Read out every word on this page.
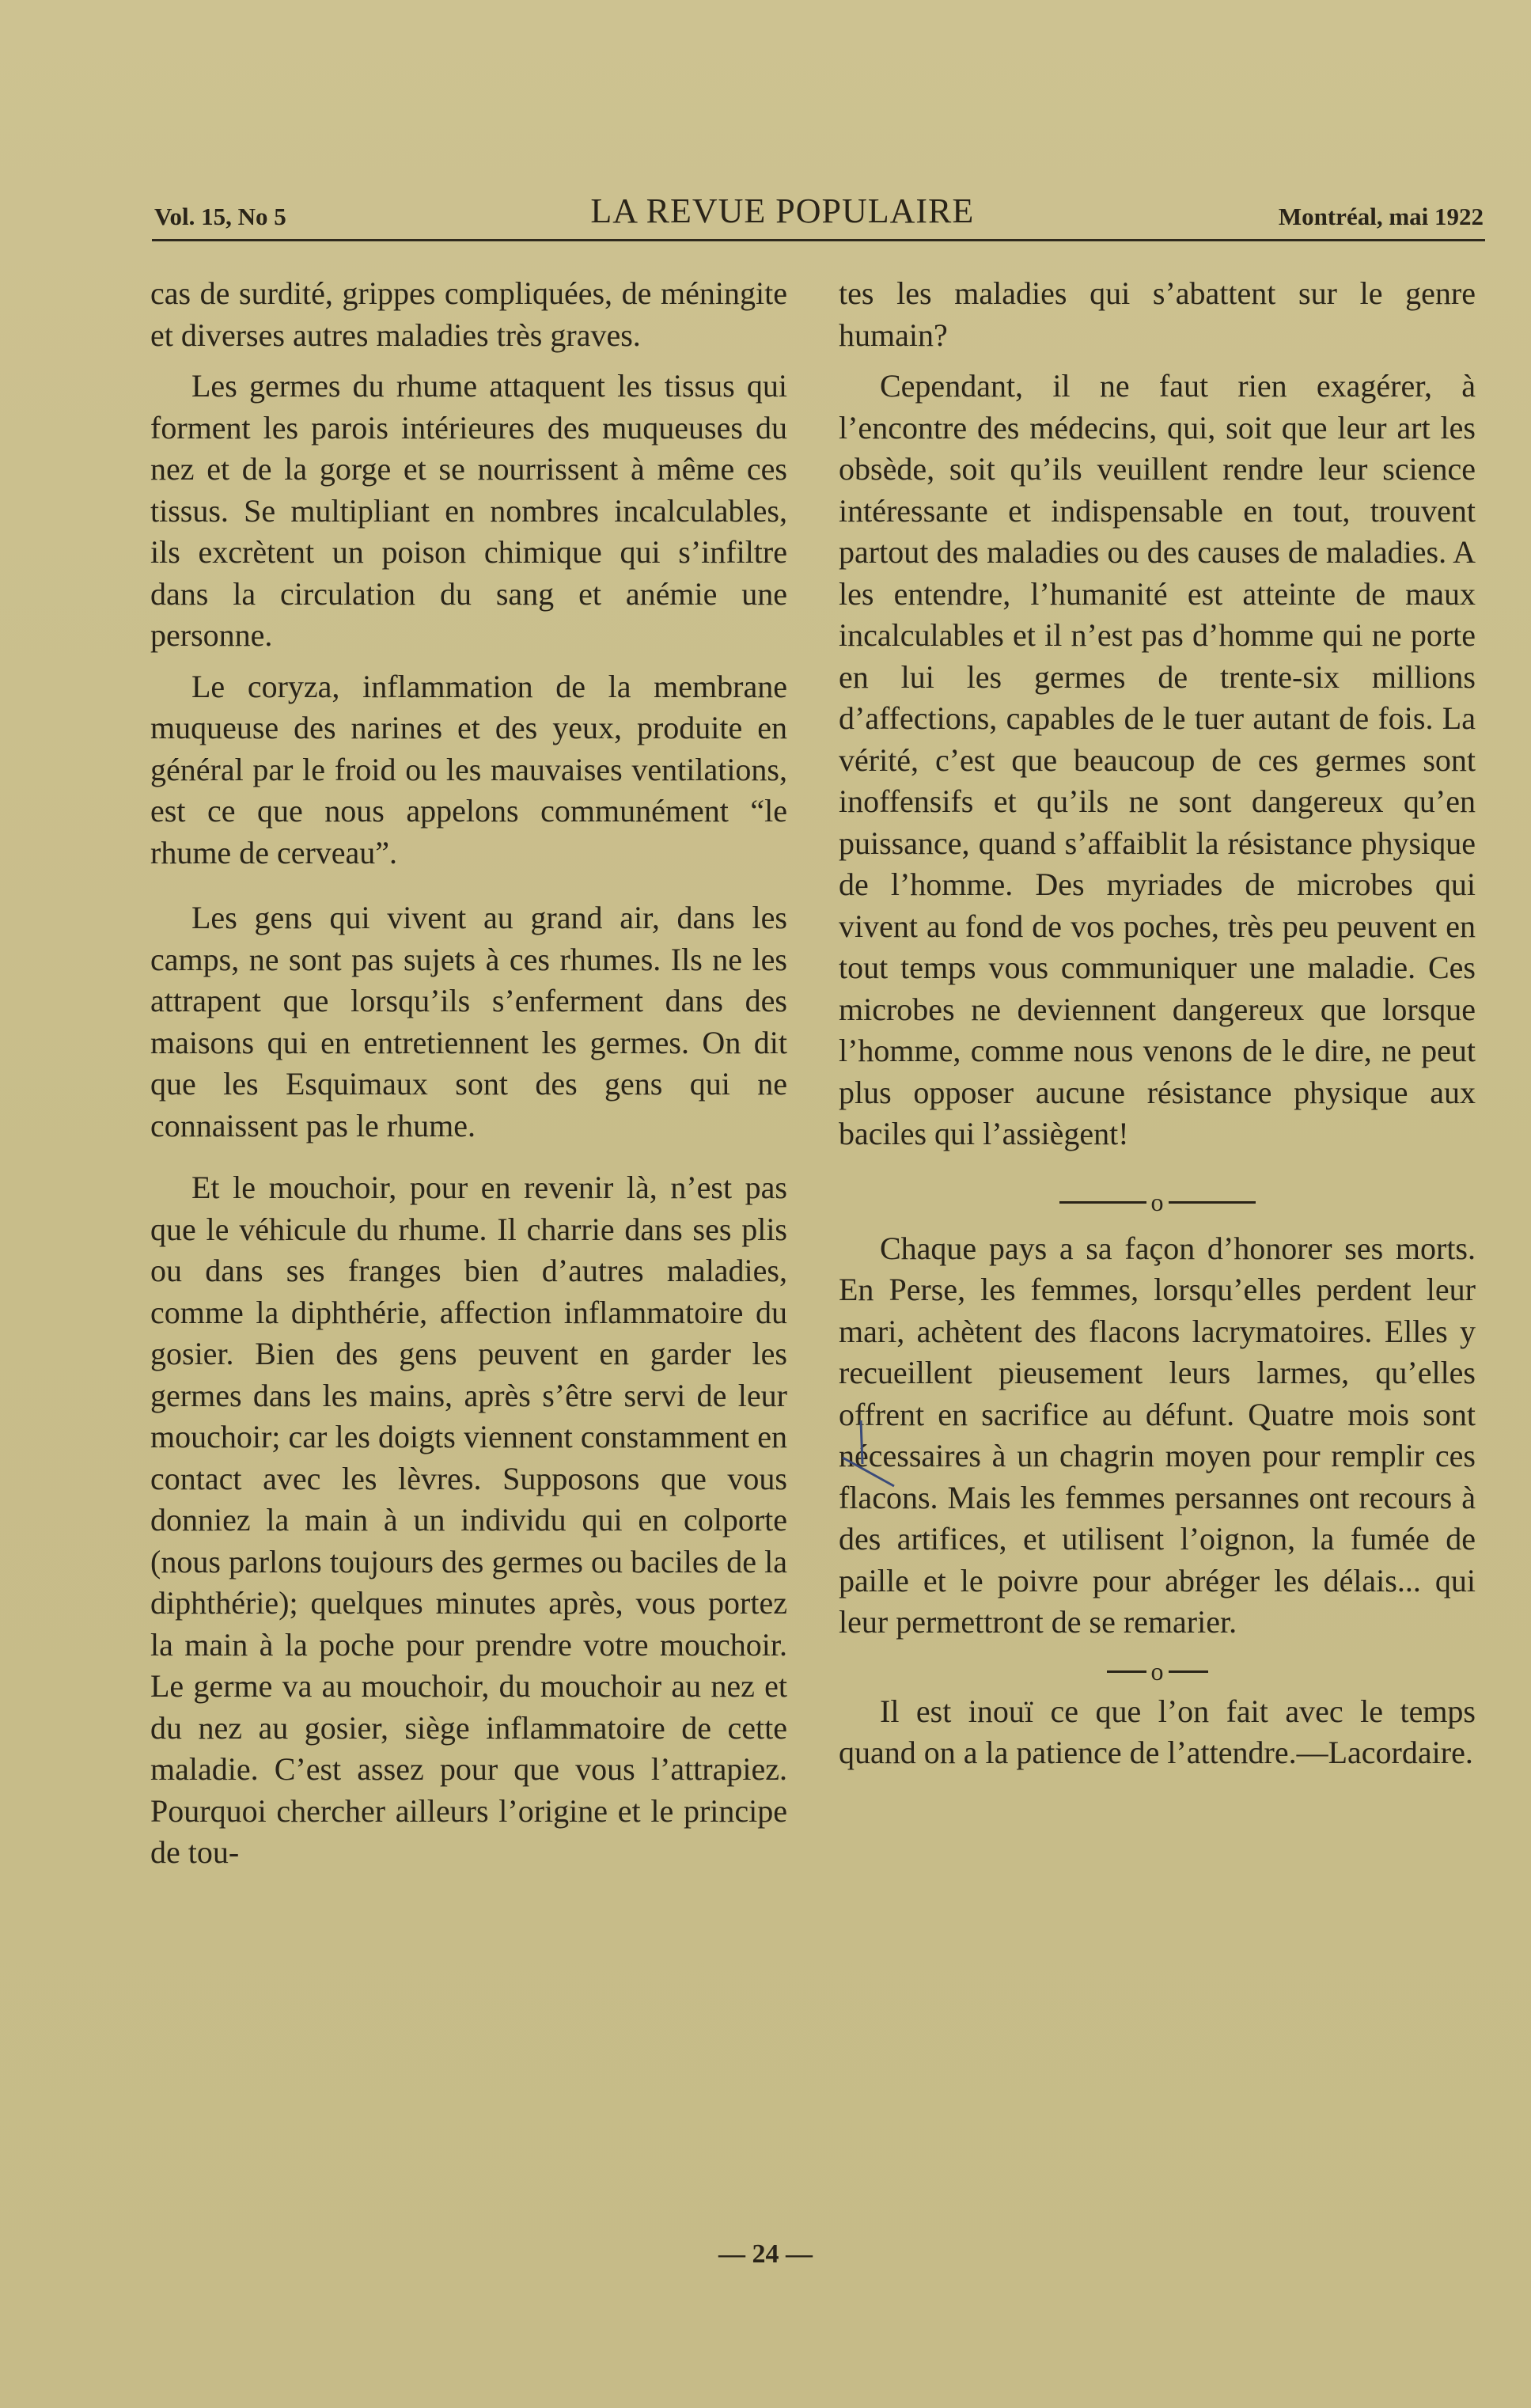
Vol. 15, No 5	LA REVUE POPULAIRE	Montréal, mai 1922

cas de surdité, grippes compliquées, de méningite et diverses autres maladies très graves.

Les germes du rhume attaquent les tissus qui forment les parois intérieures des muqueuses du nez et de la gorge et se nourrissent à même ces tissus. Se multipliant en nombres incalculables, ils excrètent un poison chimique qui s’infiltre dans la circulation du sang et anémie une personne.

Le coryza, inflammation de la membrane muqueuse des narines et des yeux, produite en général par le froid ou les mauvaises ventilations, est ce que nous appelons communément “le rhume de cerveau”.

Les gens qui vivent au grand air, dans les camps, ne sont pas sujets à ces rhumes. Ils ne les attrapent que lorsqu’ils s’enferment dans des maisons qui en entretiennent les germes. On dit que les Esquimaux sont des gens qui ne connaissent pas le rhume.

Et le mouchoir, pour en revenir là, n’est pas que le véhicule du rhume. Il charrie dans ses plis ou dans ses franges bien d’autres maladies, comme la diphthérie, affection inflammatoire du gosier. Bien des gens peuvent en garder les germes dans les mains, après s’être servi de leur mouchoir; car les doigts viennent constamment en contact avec les lèvres. Supposons que vous donniez la main à un individu qui en colporte (nous parlons toujours des germes ou baciles de la diphthérie); quelques minutes après, vous portez la main à la poche pour prendre votre mouchoir. Le germe va au mouchoir, du mouchoir au nez et du nez au gosier, siège inflammatoire de cette maladie. C’est assez pour que vous l’attrapiez. Pourquoi chercher ailleurs l’origine et le principe de tou-

tes les maladies qui s’abattent sur le genre humain?

Cependant, il ne faut rien exagérer, à l’encontre des médecins, qui, soit que leur art les obsède, soit qu’ils veuillent rendre leur science intéressante et indispensable en tout, trouvent partout des maladies ou des causes de maladies. A les entendre, l’humanité est atteinte de maux incalculables et il n’est pas d’homme qui ne porte en lui les germes de trente-six millions d’affections, capables de le tuer autant de fois. La vérité, c’est que beaucoup de ces germes sont inoffensifs et qu’ils ne sont dangereux qu’en puissance, quand s’affaiblit la résistance physique de l’homme. Des myriades de microbes qui vivent au fond de vos poches, très peu peuvent en tout temps vous communiquer une maladie. Ces microbes ne deviennent dangereux que lorsque l’homme, comme nous venons de le dire, ne peut plus opposer aucune résistance physique aux baciles qui l’assiègent!

o

Chaque pays a sa façon d’honorer ses morts. En Perse, les femmes, lorsqu’elles perdent leur mari, achètent des flacons lacrymatoires. Elles y recueillent pieusement leurs larmes, qu’elles offrent en sacrifice au défunt. Quatre mois sont nécessaires à un chagrin moyen pour remplir ces flacons. Mais les femmes persannes ont recours à des artifices, et utilisent l’oignon, la fumée de paille et le poivre pour abréger les délais... qui leur permettront de se remarier.

o

Il est inouï ce que l’on fait avec le temps quand on a la patience de l’attendre.—Lacordaire.

— 24 —
